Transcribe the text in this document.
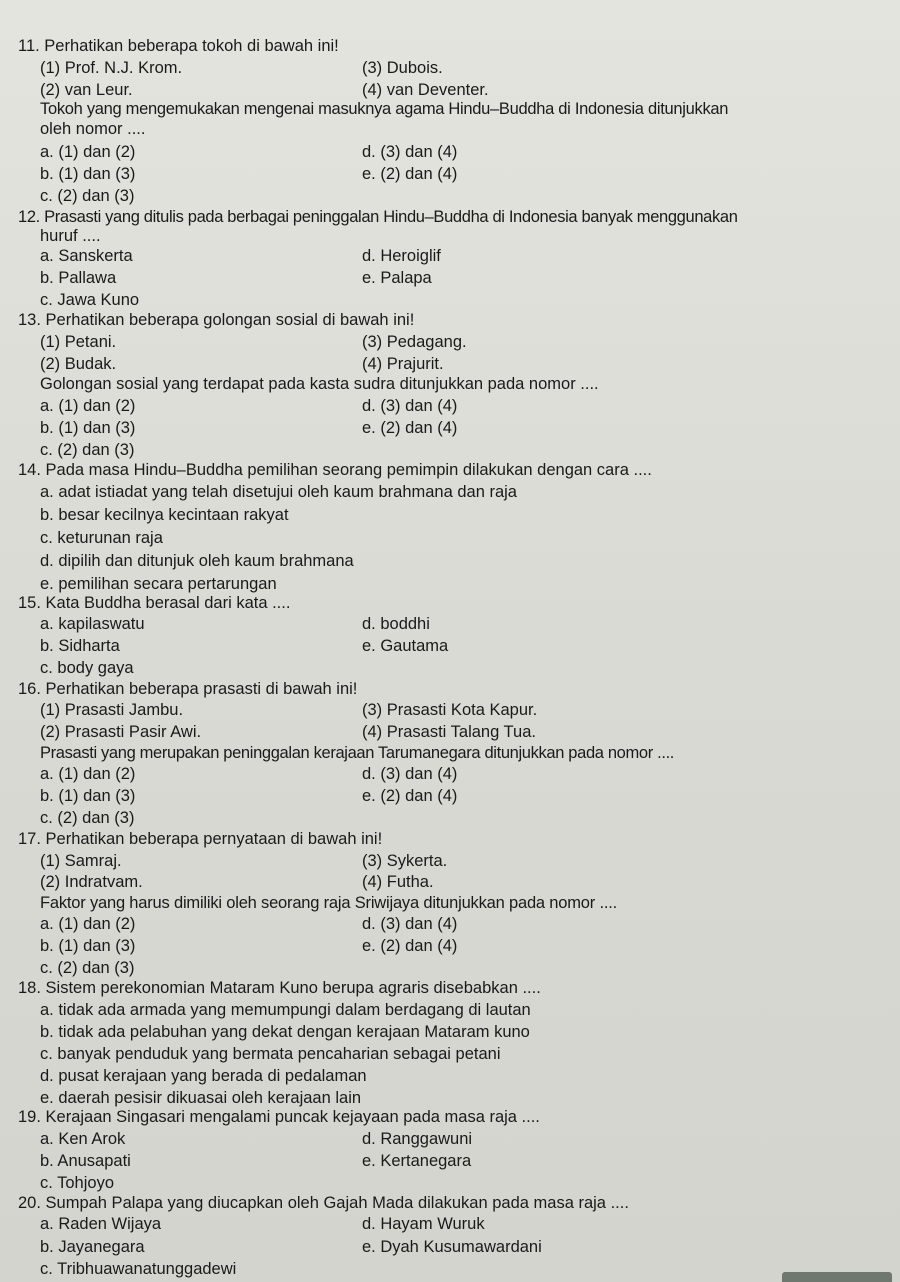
11. Perhatikan beberapa tokoh di bawah ini!
(1) Prof. N.J. Krom.	(3) Dubois.
(2) van Leur.	(4) van Deventer.
Tokoh yang mengemukakan mengenai masuknya agama Hindu–Buddha di Indonesia ditunjukkan
oleh nomor ....
a. (1) dan (2)	d. (3) dan (4)
b. (1) dan (3)	e. (2) dan (4)
c. (2) dan (3)
12. Prasasti yang ditulis pada berbagai peninggalan Hindu–Buddha di Indonesia banyak menggunakan
huruf ....
a. Sanskerta	d. Heroiglif
b. Pallawa	e. Palapa
c. Jawa Kuno
13. Perhatikan beberapa golongan sosial di bawah ini!
(1) Petani.	(3) Pedagang.
(2) Budak.	(4) Prajurit.
Golongan sosial yang terdapat pada kasta sudra ditunjukkan pada nomor ....
a. (1) dan (2)	d. (3) dan (4)
b. (1) dan (3)	e. (2) dan (4)
c. (2) dan (3)
14. Pada masa Hindu–Buddha pemilihan seorang pemimpin dilakukan dengan cara ....
a. adat istiadat yang telah disetujui oleh kaum brahmana dan raja
b. besar kecilnya kecintaan rakyat
c. keturunan raja
d. dipilih dan ditunjuk oleh kaum brahmana
e. pemilihan secara pertarungan
15. Kata Buddha berasal dari kata ....
a. kapilaswatu	d. boddhi
b. Sidharta	e. Gautama
c. body gaya
16. Perhatikan beberapa prasasti di bawah ini!
(1) Prasasti Jambu.	(3) Prasasti Kota Kapur.
(2) Prasasti Pasir Awi.	(4) Prasasti Talang Tua.
Prasasti yang merupakan peninggalan kerajaan Tarumanegara ditunjukkan pada nomor ....
a. (1) dan (2)	d. (3) dan (4)
b. (1) dan (3)	e. (2) dan (4)
c. (2) dan (3)
17. Perhatikan beberapa pernyataan di bawah ini!
(1) Samraj.	(3) Sykerta.
(2) Indratvam.	(4) Futha.
Faktor yang harus dimiliki oleh seorang raja Sriwijaya ditunjukkan pada nomor ....
a. (1) dan (2)	d. (3) dan (4)
b. (1) dan (3)	e. (2) dan (4)
c. (2) dan (3)
18. Sistem perekonomian Mataram Kuno berupa agraris disebabkan ....
a. tidak ada armada yang memumpungi dalam berdagang di lautan
b. tidak ada pelabuhan yang dekat dengan kerajaan Mataram kuno
c. banyak penduduk yang bermata pencaharian sebagai petani
d. pusat kerajaan yang berada di pedalaman
e. daerah pesisir dikuasai oleh kerajaan lain
19. Kerajaan Singasari mengalami puncak kejayaan pada masa raja ....
a. Ken Arok	d. Ranggawuni
b. Anusapati	e. Kertanegara
c. Tohjoyo
20. Sumpah Palapa yang diucapkan oleh Gajah Mada dilakukan pada masa raja ....
a. Raden Wijaya	d. Hayam Wuruk
b. Jayanegara	e. Dyah Kusumawardani
c. Tribhuawanatunggadewi
